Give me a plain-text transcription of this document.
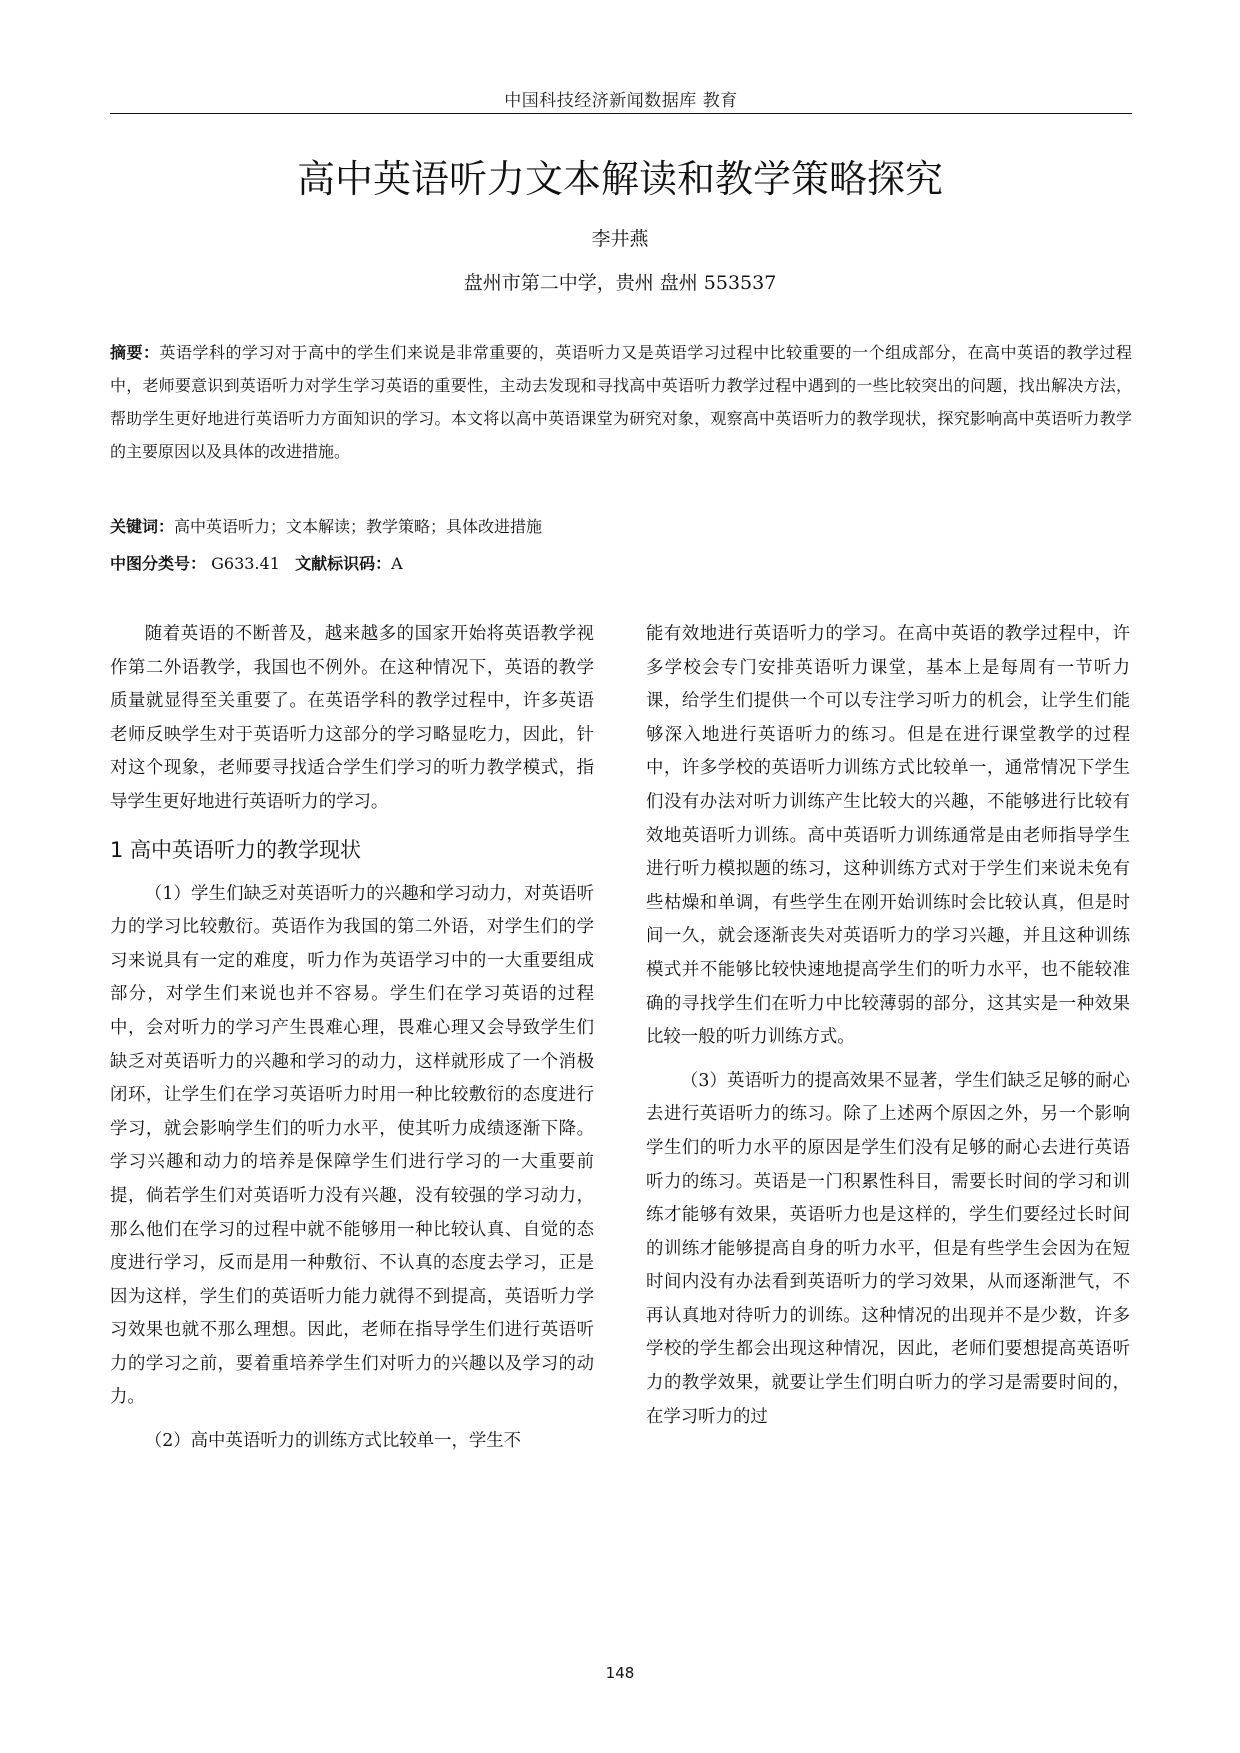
中国科技经济新闻数据库 教育
高中英语听力文本解读和教学策略探究
李井燕
盘州市第二中学，贵州 盘州 553537
摘要：英语学科的学习对于高中的学生们来说是非常重要的，英语听力又是英语学习过程中比较重要的一个组成部分，在高中英语的教学过程中，老师要意识到英语听力对学生学习英语的重要性，主动去发现和寻找高中英语听力教学过程中遇到的一些比较突出的问题，找出解决方法，帮助学生更好地进行英语听力方面知识的学习。本文将以高中英语课堂为研究对象，观察高中英语听力的教学现状，探究影响高中英语听力教学的主要原因以及具体的改进措施。
关键词：高中英语听力；文本解读；教学策略；具体改进措施
中图分类号： G633.41 文献标识码：A

随着英语的不断普及，越来越多的国家开始将英语教学视作第二外语教学，我国也不例外。在这种情况下，英语的教学质量就显得至关重要了。在英语学科的教学过程中，许多英语老师反映学生对于英语听力这部分的学习略显吃力，因此，针对这个现象，老师要寻找适合学生们学习的听力教学模式，指导学生更好地进行英语听力的学习。

1 高中英语听力的教学现状

（1）学生们缺乏对英语听力的兴趣和学习动力，对英语听力的学习比较敷衍。英语作为我国的第二外语，对学生们的学习来说具有一定的难度，听力作为英语学习中的一大重要组成部分，对学生们来说也并不容易。学生们在学习英语的过程中，会对听力的学习产生畏难心理，畏难心理又会导致学生们缺乏对英语听力的兴趣和学习的动力，这样就形成了一个消极闭环，让学生们在学习英语听力时用一种比较敷衍的态度进行学习，就会影响学生们的听力水平，使其听力成绩逐渐下降。学习兴趣和动力的培养是保障学生们进行学习的一大重要前提，倘若学生们对英语听力没有兴趣，没有较强的学习动力，那么他们在学习的过程中就不能够用一种比较认真、自觉的态度进行学习，反而是用一种敷衍、不认真的态度去学习，正是因为这样，学生们的英语听力能力就得不到提高，英语听力学习效果也就不那么理想。因此，老师在指导学生们进行英语听力的学习之前，要着重培养学生们对听力的兴趣以及学习的动力。

（2）高中英语听力的训练方式比较单一，学生不

能有效地进行英语听力的学习。在高中英语的教学过程中，许多学校会专门安排英语听力课堂，基本上是每周有一节听力课，给学生们提供一个可以专注学习听力的机会，让学生们能够深入地进行英语听力的练习。但是在进行课堂教学的过程中，许多学校的英语听力训练方式比较单一，通常情况下学生们没有办法对听力训练产生比较大的兴趣，不能够进行比较有效地英语听力训练。高中英语听力训练通常是由老师指导学生进行听力模拟题的练习，这种训练方式对于学生们来说未免有些枯燥和单调，有些学生在刚开始训练时会比较认真，但是时间一久，就会逐渐丧失对英语听力的学习兴趣，并且这种训练模式并不能够比较快速地提高学生们的听力水平，也不能较准确的寻找学生们在听力中比较薄弱的部分，这其实是一种效果比较一般的听力训练方式。

（3）英语听力的提高效果不显著，学生们缺乏足够的耐心去进行英语听力的练习。除了上述两个原因之外，另一个影响学生们的听力水平的原因是学生们没有足够的耐心去进行英语听力的练习。英语是一门积累性科目，需要长时间的学习和训练才能够有效果，英语听力也是这样的，学生们要经过长时间的训练才能够提高自身的听力水平，但是有些学生会因为在短时间内没有办法看到英语听力的学习效果，从而逐渐泄气，不再认真地对待听力的训练。这种情况的出现并不是少数，许多学校的学生都会出现这种情况，因此，老师们要想提高英语听力的教学效果，就要让学生们明白听力的学习是需要时间的，在学习听力的过

148
